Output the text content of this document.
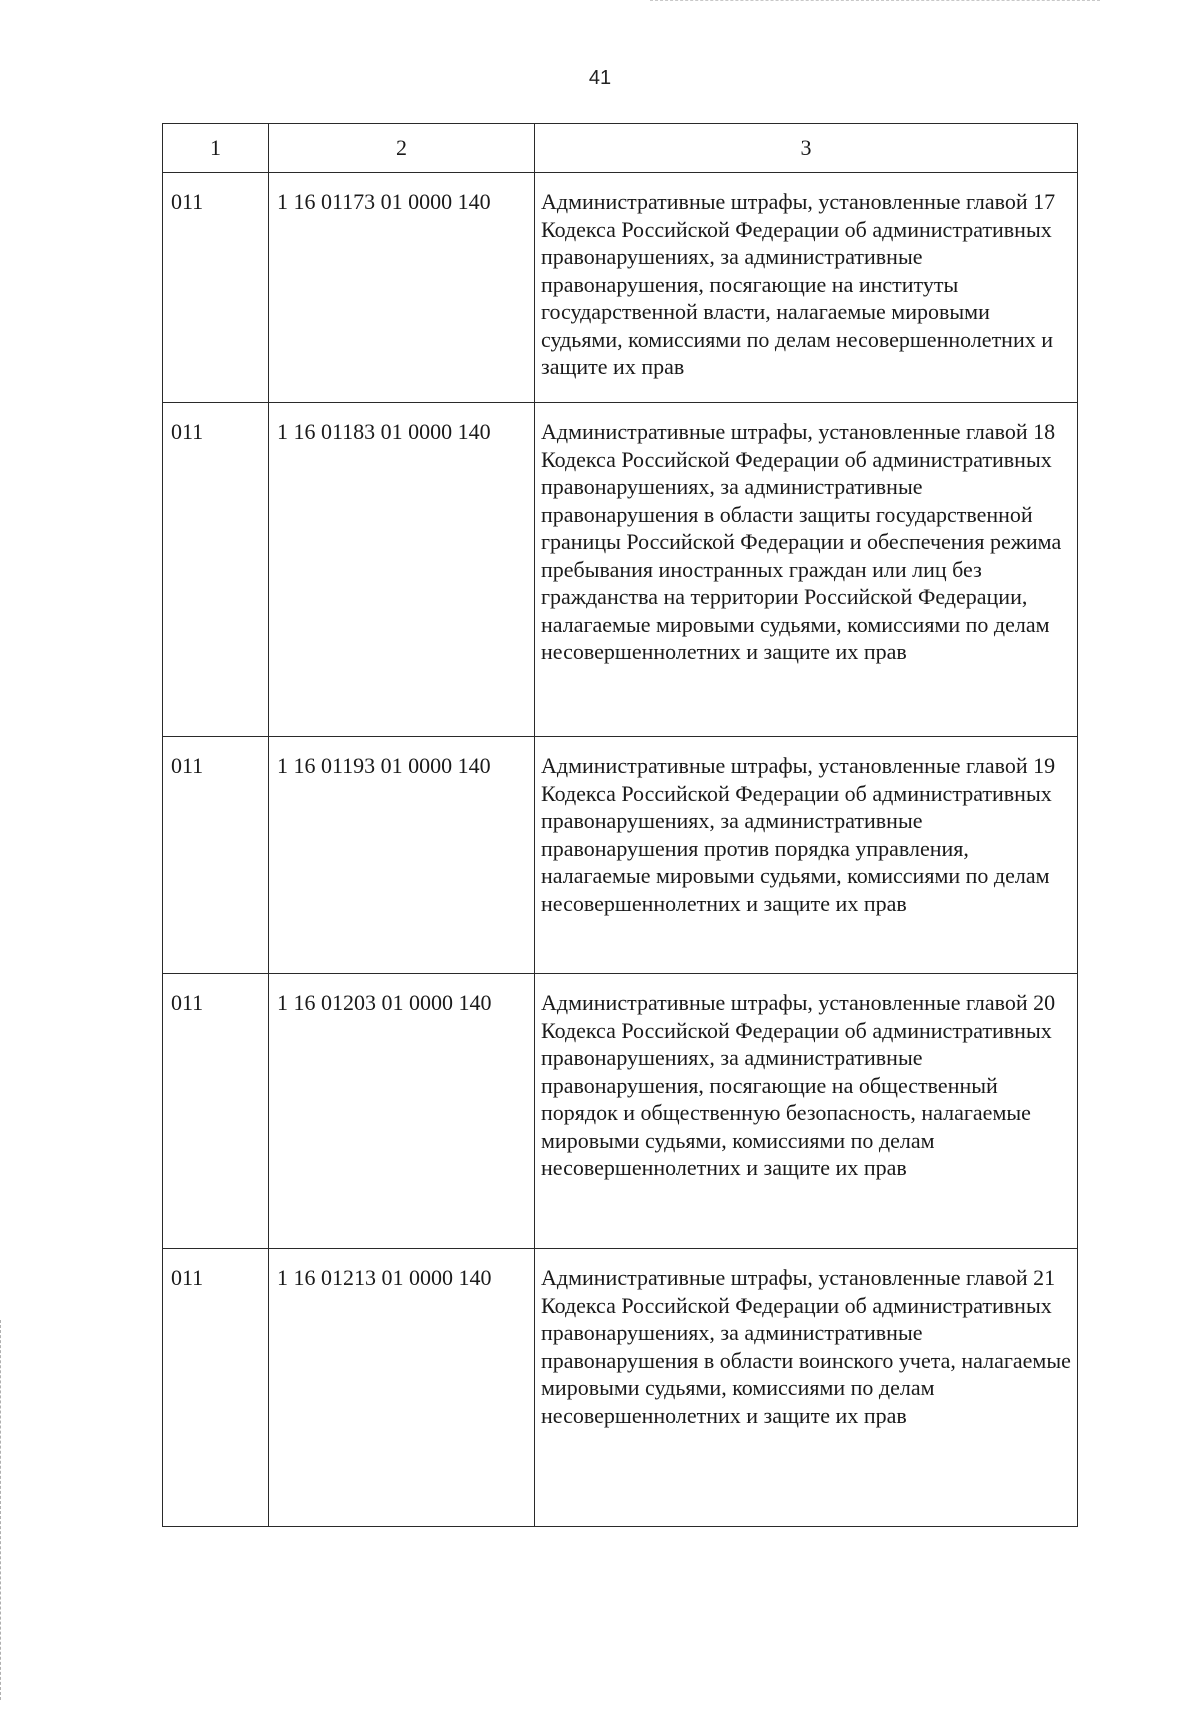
41
1	2	3
011	1 16 01173 01 0000 140	Административные штрафы, установленные главой 17 Кодекса Российской Федерации об административных правонарушениях, за административные правонарушения, посягающие на институты государственной власти, налагаемые мировыми судьями, комиссиями по делам несовершеннолетних и защите их прав
011	1 16 01183 01 0000 140	Административные штрафы, установленные главой 18 Кодекса Российской Федерации об административных правонарушениях, за административные правонарушения в области защиты государственной границы Российской Федерации и обеспечения режима пребывания иностранных граждан или лиц без гражданства на территории Российской Федерации, налагаемые мировыми судьями, комиссиями по делам несовершеннолетних и защите их прав
011	1 16 01193 01 0000 140	Административные штрафы, установленные главой 19 Кодекса Российской Федерации об административных правонарушениях, за административные правонарушения против порядка управления, налагаемые мировыми судьями, комиссиями по делам несовершеннолетних и защите их прав
011	1 16 01203 01 0000 140	Административные штрафы, установленные главой 20 Кодекса Российской Федерации об административных правонарушениях, за административные правонарушения, посягающие на общественный порядок и общественную безопасность, налагаемые мировыми судьями, комиссиями по делам несовершеннолетних и защите их прав
011	1 16 01213 01 0000 140	Административные штрафы, установленные главой 21 Кодекса Российской Федерации об административных правонарушениях, за административные правонарушения в области воинского учета, налагаемые мировыми судьями, комиссиями по делам несовершеннолетних и защите их прав
